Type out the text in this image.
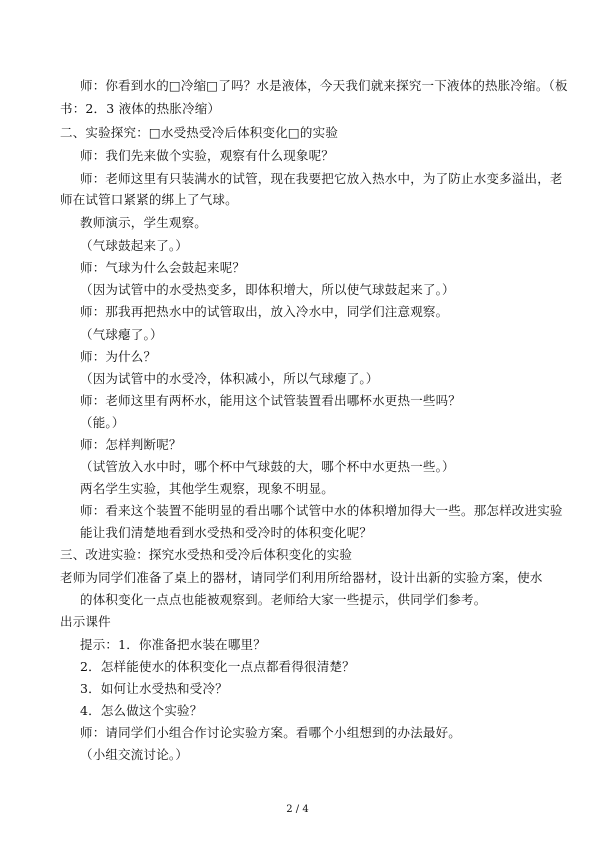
师：你看到水的□冷缩□了吗？水是液体，今天我们就来探究一下液体的热胀冷缩。（板
书：2．3 液体的热胀冷缩）
二、实验探究：□水受热受冷后体积变化□的实验
师：我们先来做个实验，观察有什么现象呢？
师：老师这里有只装满水的试管，现在我要把它放入热水中，为了防止水变多溢出，老
师在试管口紧紧的绑上了气球。
教师演示，学生观察。
（气球鼓起来了。）
师：气球为什么会鼓起来呢？
（因为试管中的水受热变多，即体积增大，所以使气球鼓起来了。）
师：那我再把热水中的试管取出，放入冷水中，同学们注意观察。
（气球瘪了。）
师：为什么？
（因为试管中的水受冷，体积减小，所以气球瘪了。）
师：老师这里有两杯水，能用这个试管装置看出哪杯水更热一些吗？
（能。）
师：怎样判断呢？
（试管放入水中时，哪个杯中气球鼓的大，哪个杯中水更热一些。）
两名学生实验，其他学生观察，现象不明显。
师：看来这个装置不能明显的看出哪个试管中水的体积增加得大一些。那怎样改进实验
能让我们清楚地看到水受热和受冷时的体积变化呢？
三、改进实验：探究水受热和受冷后体积变化的实验
老师为同学们准备了桌上的器材，请同学们利用所给器材，设计出新的实验方案，使水
的体积变化一点点也能被观察到。老师给大家一些提示，供同学们参考。
出示课件
提示：1．你准备把水装在哪里？
2．怎样能使水的体积变化一点点都看得很清楚？
3．如何让水受热和受冷？
4．怎么做这个实验？
师：请同学们小组合作讨论实验方案。看哪个小组想到的办法最好。
（小组交流讨论。）
2 / 4
